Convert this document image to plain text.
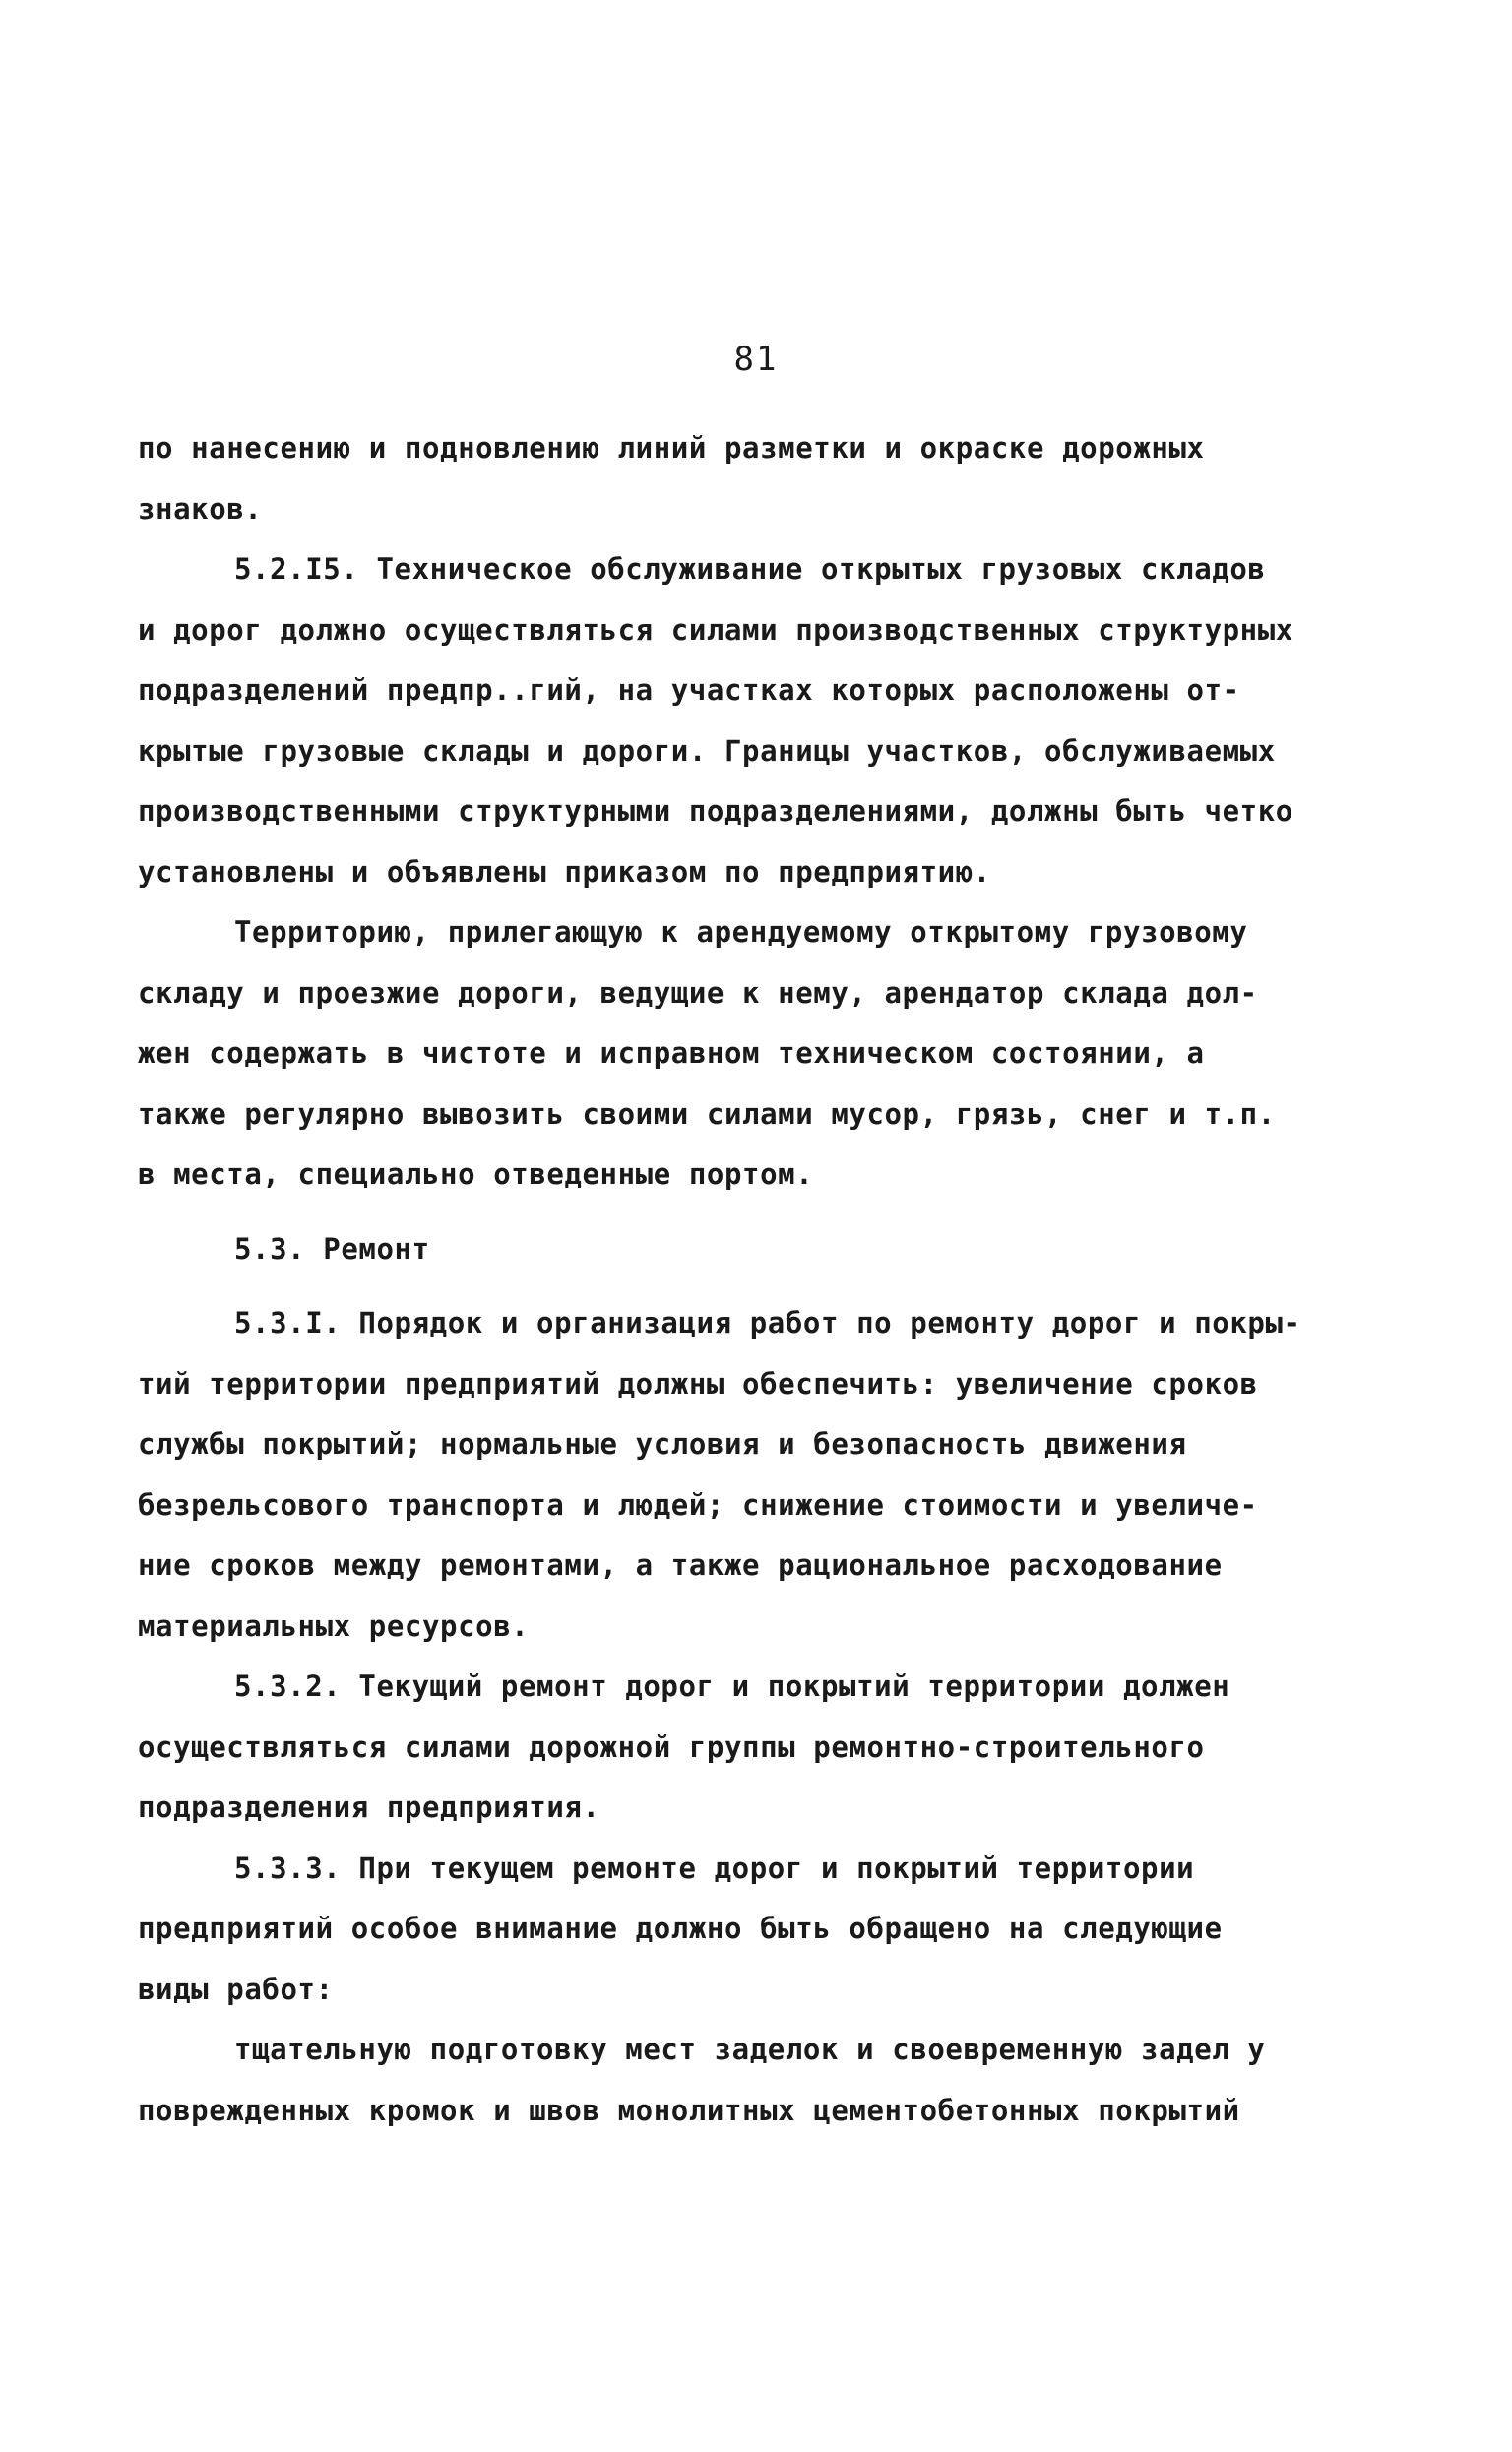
81
по нанесению и подновлению линий разметки и окраске дорожных
знаков.
5.2.I5. Техническое обслуживание открытых грузовых складов
и дорог должно осуществляться силами производственных структурных
подразделений предпр..гий, на участках которых расположены от-
крытые грузовые склады и дороги. Границы участков, обслуживаемых
производственными структурными подразделениями, должны быть четко
установлены и объявлены приказом по предприятию.
Территорию, прилегающую к арендуемому открытому грузовому
складу и проезжие дороги, ведущие к нему, арендатор склада дол-
жен содержать в чистоте и исправном техническом состоянии, а
также регулярно вывозить своими силами мусор, грязь, снег и т.п.
в места, специально отведенные портом.
5.3. Ремонт
5.3.I. Порядок и организация работ по ремонту дорог и покры-
тий территории предприятий должны обеспечить: увеличение сроков
службы покрытий; нормальные условия и безопасность движения
безрельсового транспорта и людей; снижение стоимости и увеличе-
ние сроков между ремонтами, а также рациональное расходование
материальных ресурсов.
5.3.2. Текущий ремонт дорог и покрытий территории должен
осуществляться силами дорожной группы ремонтно-строительного
подразделения предприятия.
5.3.3. При текущем ремонте дорог и покрытий территории
предприятий особое внимание должно быть обращено на следующие
виды работ:
тщательную подготовку мест заделок и своевременную задел у
поврежденных кромок и швов монолитных цементобетонных покрытий
